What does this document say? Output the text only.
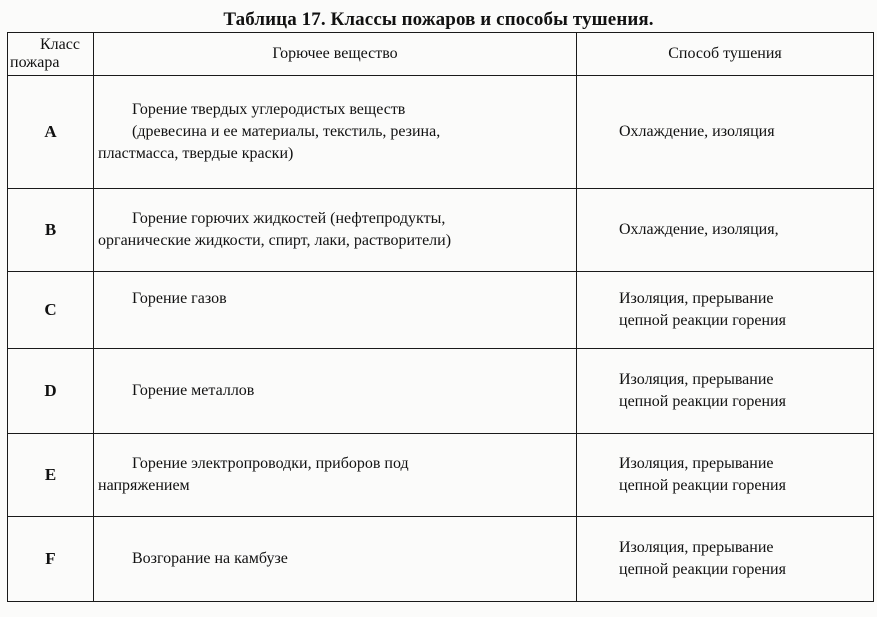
Таблица 17. Классы пожаров и способы тушения.
Класс
пожара	Горючее вещество	Способ тушения
A	Горение твердых углеродистых веществ
(древесина и ее материалы, текстиль, резина,
пластмасса, твердые краски)	Охлаждение, изоляция

B	Горение горючих жидкостей (нефтепродукты,
органические жидкости, спирт, лаки, растворители)	Охлаждение, изоляция,

C	Горение газов	Изоляция, прерывание
цепной реакции горения

D	Горение металлов	Изоляция, прерывание
цепной реакции горения

E	Горение электропроводки, приборов под
напряжением	Изоляция, прерывание
цепной реакции горения

F	Возгорание на камбузе	Изоляция, прерывание
цепной реакции горения
